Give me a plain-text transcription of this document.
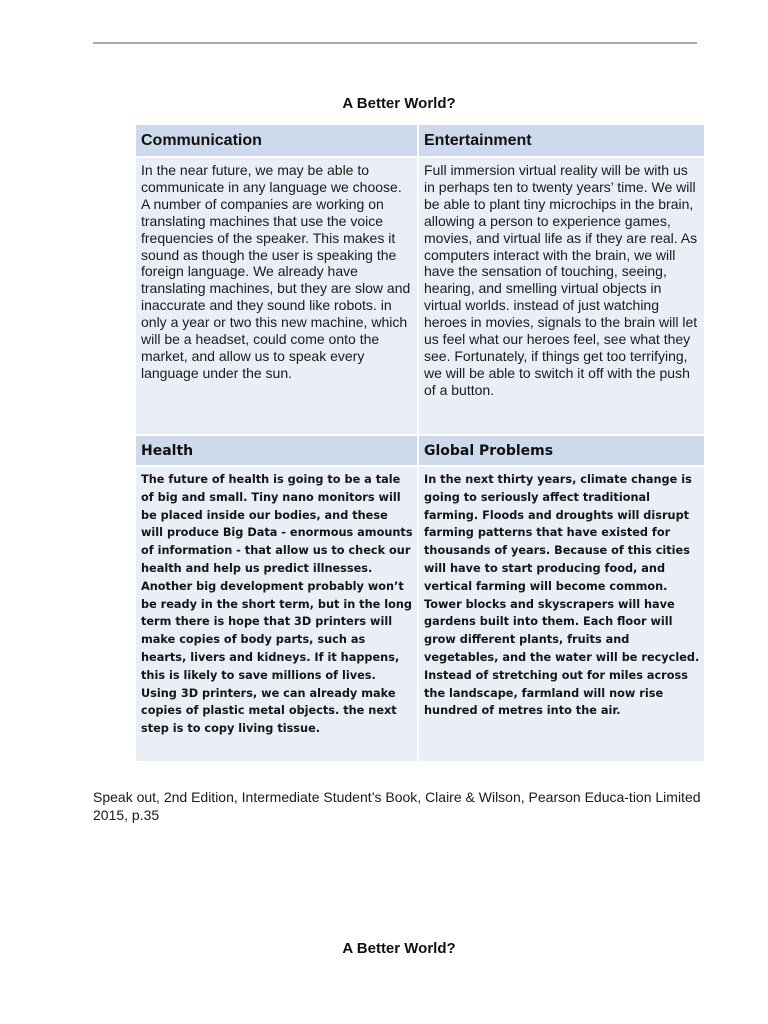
A Better World?
Communication	Entertainment
In the near future, we may be able to communicate in any language we choose. A number of companies are working on translating machines that use the voice frequencies of the speaker. This makes it sound as though the user is speaking the foreign language. We already have translating machines, but they are slow and inaccurate and they sound like robots. in only a year or two this new machine, which will be a headset, could come onto the market, and allow us to speak every language under the sun.
Full immersion virtual reality will be with us in perhaps ten to twenty years’ time. We will be able to plant tiny microchips in the brain, allowing a person to experience games, movies, and virtual life as if they are real. As computers interact with the brain, we will have the sensation of touching, seeing, hearing, and smelling virtual objects in virtual worlds. instead of just watching heroes in movies, signals to the brain will let us feel what our heroes feel, see what they see. Fortunately, if things get too terrifying, we will be able to switch it off with the push of a button.
Health	Global Problems
The future of health is going to be a tale of big and small. Tiny nano monitors will be placed inside our bodies, and these will produce Big Data - enormous amounts of information - that allow us to check our health and help us predict illnesses. Another big development probably won’t be ready in the short term, but in the long term there is hope that 3D printers will make copies of body parts, such as hearts, livers and kidneys. If it happens, this is likely to save millions of lives. Using 3D printers, we can already make copies of plastic metal objects. the next step is to copy living tissue.
In the next thirty years, climate change is going to seriously affect traditional farming. Floods and droughts will disrupt farming patterns that have existed for thousands of years. Because of this cities will have to start producing food, and vertical farming will become common. Tower blocks and skyscrapers will have gardens built into them. Each floor will grow different plants, fruits and vegetables, and the water will be recycled. Instead of stretching out for miles across the landscape, farmland will now rise hundred of metres into the air.
Speak out, 2nd Edition, Intermediate Student’s Book, Claire & Wilson, Pearson Educa-tion Limited 2015, p.35
A Better World?
